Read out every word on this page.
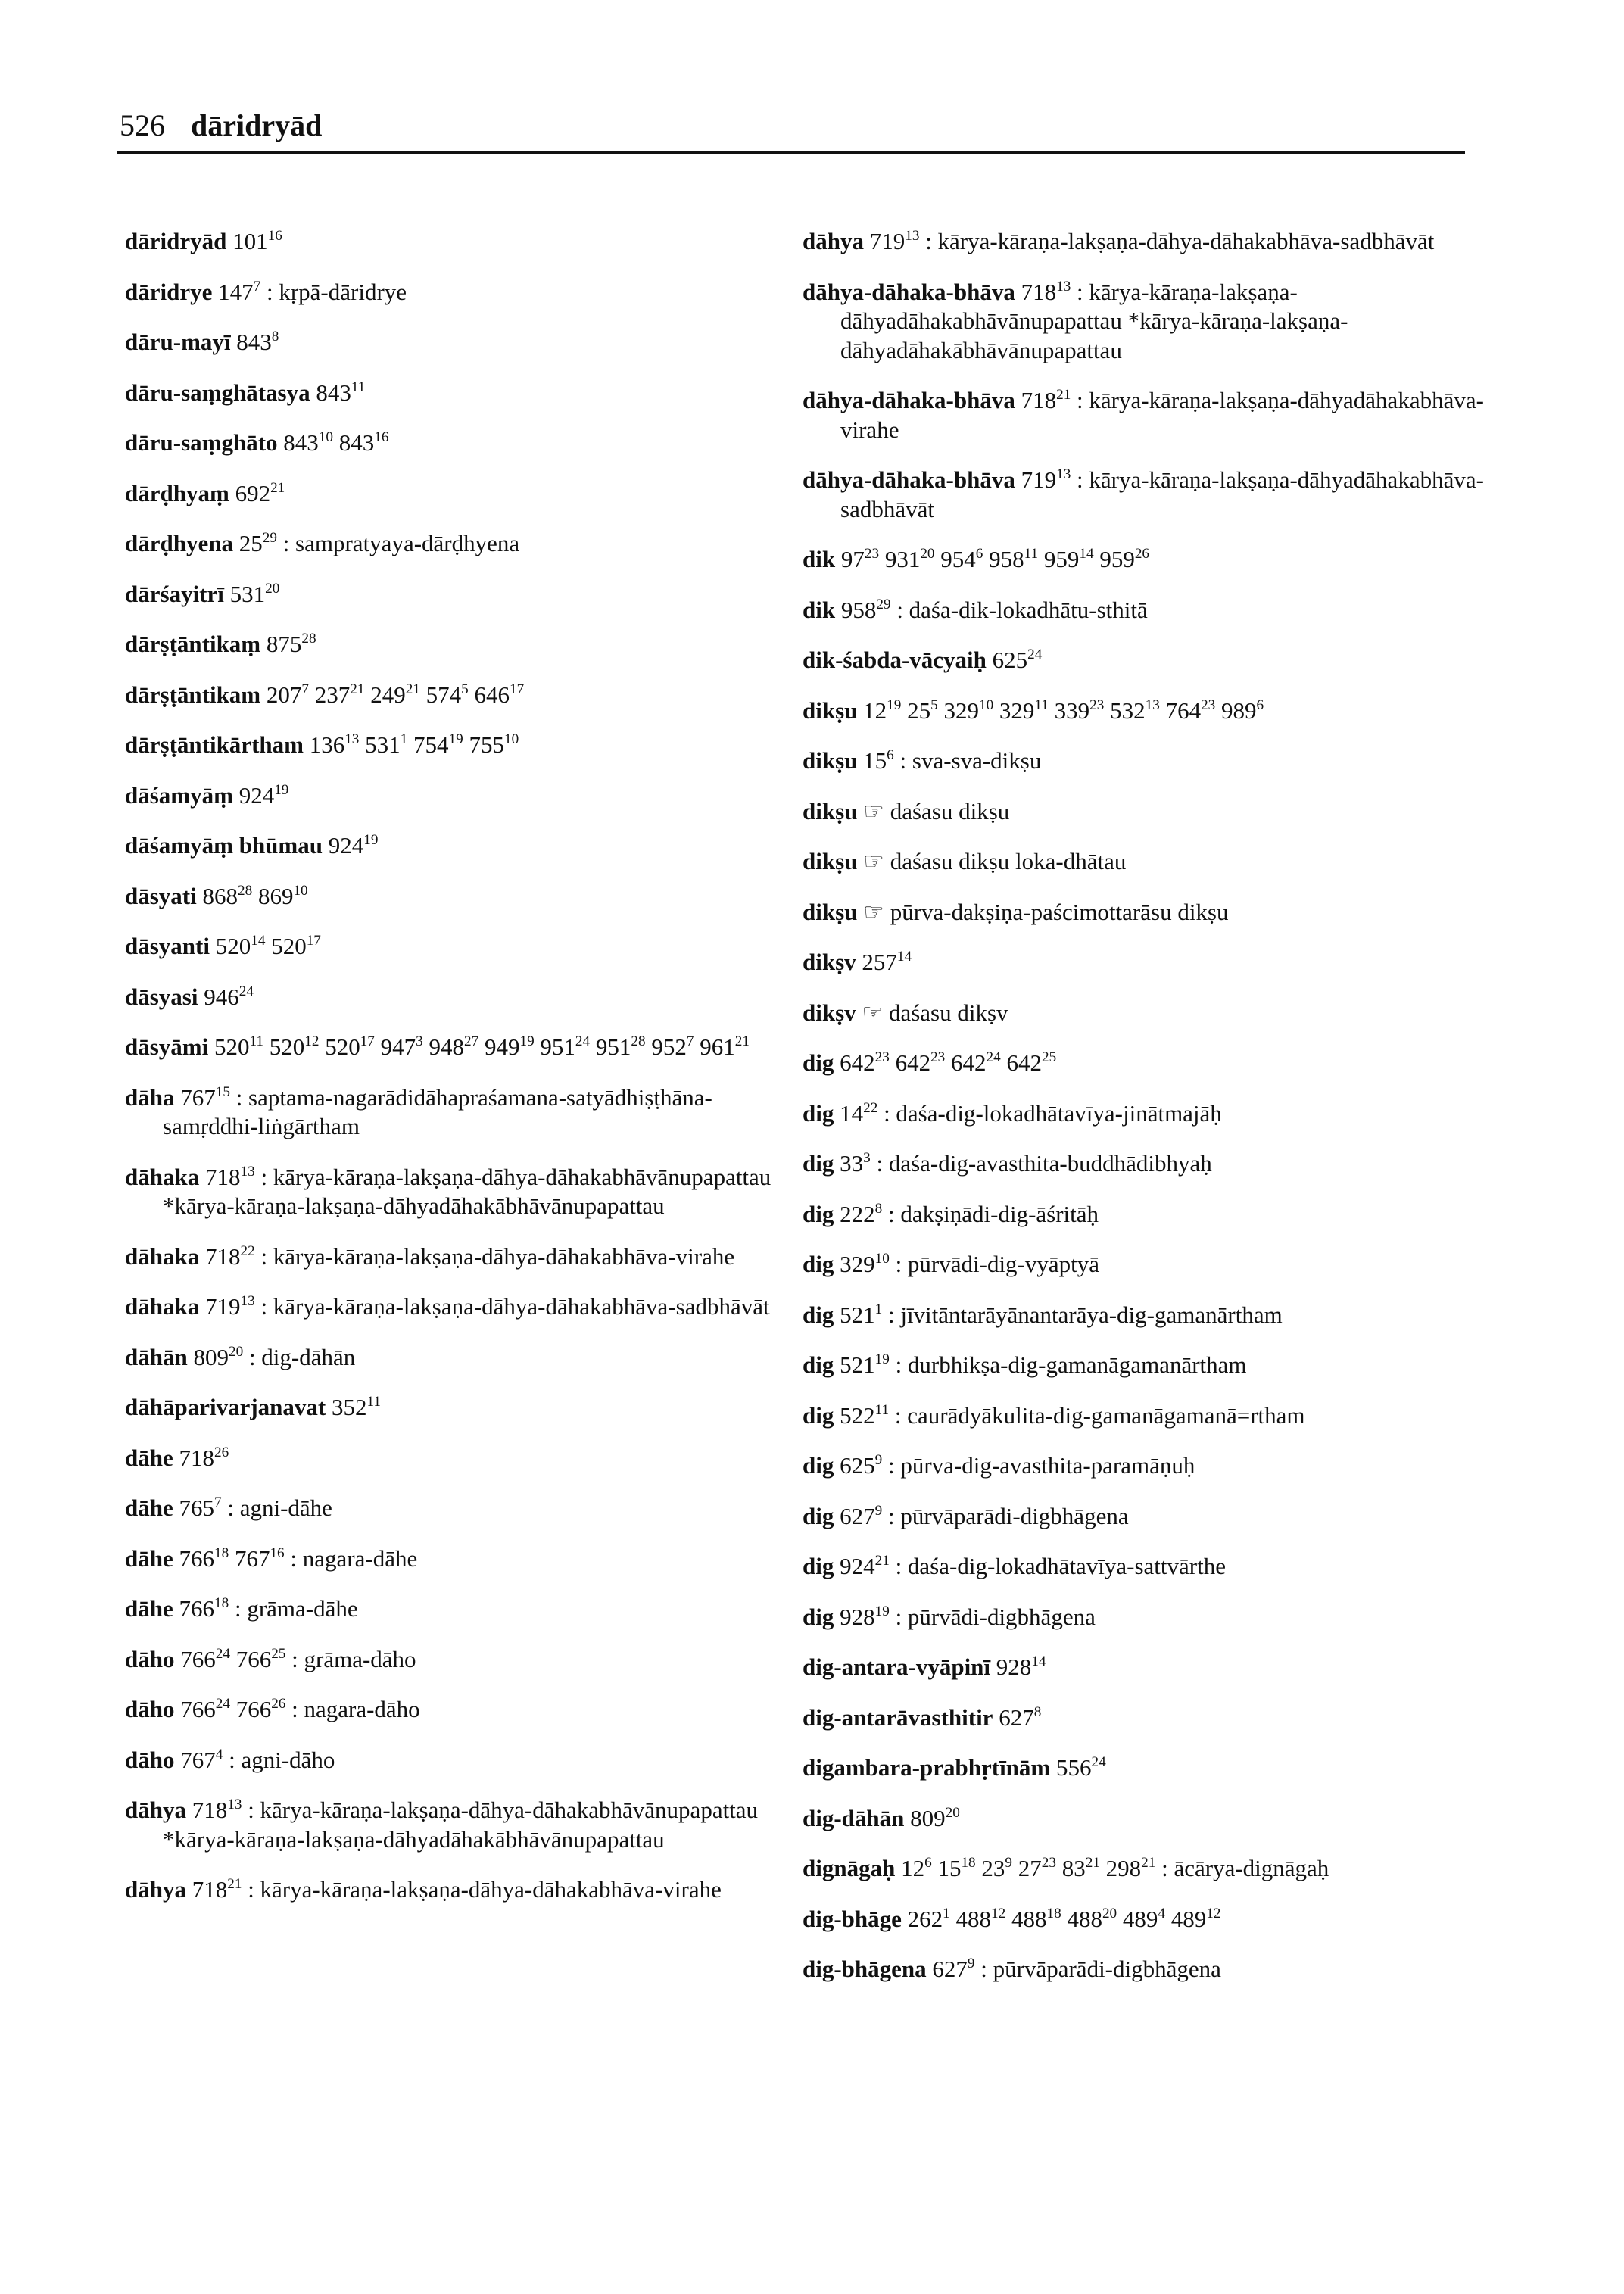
526 dāridryād
dāridryād $101^{16}$
dāridrye $147^7$ : kṛpā-dāridrye
dāru-mayī $843^8$
dāru-saṃghātasya $843^{11}$
dāru-saṃghāto $843^{10}$ $843^{16}$
dārḍhyaṃ $692^{21}$
dārḍhyena $25^{29}$ : sampratyaya-dārḍhyena
dārśayitrī $531^{20}$
dārṣṭāntikaṃ $875^{28}$
dārṣṭāntikam $207^7$ $237^{21}$ $249^{21}$ $574^5$ $646^{17}$
dārṣṭāntikārtham $136^{13}$ $531^1$ $754^{19}$ $755^{10}$
dāśamyāṃ $924^{19}$
dāśamyāṃ bhūmau $924^{19}$
dāsyati $868^{28}$ $869^{10}$
dāsyanti $520^{14}$ $520^{17}$
dāsyasi $946^{24}$
dāsyāmi $520^{11}$ $520^{12}$ $520^{17}$ $947^3$ $948^{27}$ $949^{19}$ $951^{24}$ $951^{28}$ $952^7$ $961^{21}$
dāha $767^{15}$ : saptama-nagarādidāhapraśamana-satyādhiṣṭhāna-samṛddhi-liṅgārtham
dāhaka $718^{13}$ : kārya-kāraṇa-lakṣaṇa-dāhya-dāhakabhāvānupapattau *kārya-kāraṇa-lakṣaṇa-dāhyadāhakābhāvānupapattau
dāhaka $718^{22}$ : kārya-kāraṇa-lakṣaṇa-dāhya-dāhakabhāva-virahe
dāhaka $719^{13}$ : kārya-kāraṇa-lakṣaṇa-dāhya-dāhakabhāva-sadbhāvāt
dāhān $809^{20}$ : dig-dāhān
dāhāparivarjanavat $352^{11}$
dāhe $718^{26}$
dāhe $765^7$ : agni-dāhe
dāhe $766^{18}$ $767^{16}$ : nagara-dāhe
dāhe $766^{18}$ : grāma-dāhe
dāho $766^{24}$ $766^{25}$ : grāma-dāho
dāho $766^{24}$ $766^{26}$ : nagara-dāho
dāho $767^4$ : agni-dāho
dāhya $718^{13}$ : kārya-kāraṇa-lakṣaṇa-dāhya-dāhakabhāvānupapattau *kārya-kāraṇa-lakṣaṇa-dāhyadāhakābhāvānupapattau
dāhya $718^{21}$ : kārya-kāraṇa-lakṣaṇa-dāhya-dāhakabhāva-virahe
dāhya $719^{13}$ : kārya-kāraṇa-lakṣaṇa-dāhya-dāhakabhāva-sadbhāvāt
dāhya-dāhaka-bhāva $718^{13}$ : kārya-kāraṇa-lakṣaṇa-dāhyadāhakabhāvānupapattau *kārya-kāraṇa-lakṣaṇa-dāhyadāhakābhāvānupapattau
dāhya-dāhaka-bhāva $718^{21}$ : kārya-kāraṇa-lakṣaṇa-dāhyadāhakabhāva-virahe
dāhya-dāhaka-bhāva $719^{13}$ : kārya-kāraṇa-lakṣaṇa-dāhyadāhakabhāva-sadbhāvāt
dik $97^{23}$ $931^{20}$ $954^6$ $958^{11}$ $959^{14}$ $959^{26}$
dik $958^{29}$ : daśa-dik-lokadhātu-sthitā
dik-śabda-vācyaiḥ $625^{24}$
dikṣu $12^{19}$ $25^5$ $329^{10}$ $329^{11}$ $339^{23}$ $532^{13}$ $764^{23}$ $989^6$
dikṣu $15^6$ : sva-sva-dikṣu
dikṣu ☞ daśasu dikṣu
dikṣu ☞ daśasu dikṣu loka-dhātau
dikṣu ☞ pūrva-dakṣiṇa-paścimottarāsu dikṣu
dikṣv $257^{14}$
dikṣv ☞ daśasu dikṣv
dig $642^{23}$ $642^{23}$ $642^{24}$ $642^{25}$
dig $14^{22}$ : daśa-dig-lokadhātavīya-jinātmajāḥ
dig $33^3$ : daśa-dig-avasthita-buddhādibhyaḥ
dig $222^8$ : dakṣiṇādi-dig-āśritāḥ
dig $329^{10}$ : pūrvādi-dig-vyāptyā
dig $521^1$ : jīvitāntarāyānantarāya-dig-gamanārtham
dig $521^{19}$ : durbhikṣa-dig-gamanāgamanārtham
dig $522^{11}$ : caurādyākulita-dig-gamanāgamanā=rtham
dig $625^9$ : pūrva-dig-avasthita-paramāṇuḥ
dig $627^9$ : pūrvāparādi-digbhāgena
dig $924^{21}$ : daśa-dig-lokadhātavīya-sattvārthe
dig $928^{19}$ : pūrvādi-digbhāgena
dig-antara-vyāpinī $928^{14}$
dig-antarāvasthitir $627^8$
digambara-prabhṛtīnām $556^{24}$
dig-dāhān $809^{20}$
dignāgaḥ $12^6$ $15^{18}$ $23^9$ $27^{23}$ $83^{21}$ $298^{21}$ : ācārya-dignāgaḥ
dig-bhāge $262^1$ $488^{12}$ $488^{18}$ $488^{20}$ $489^4$ $489^{12}$
dig-bhāgena $627^9$ : pūrvāparādi-digbhāgena
